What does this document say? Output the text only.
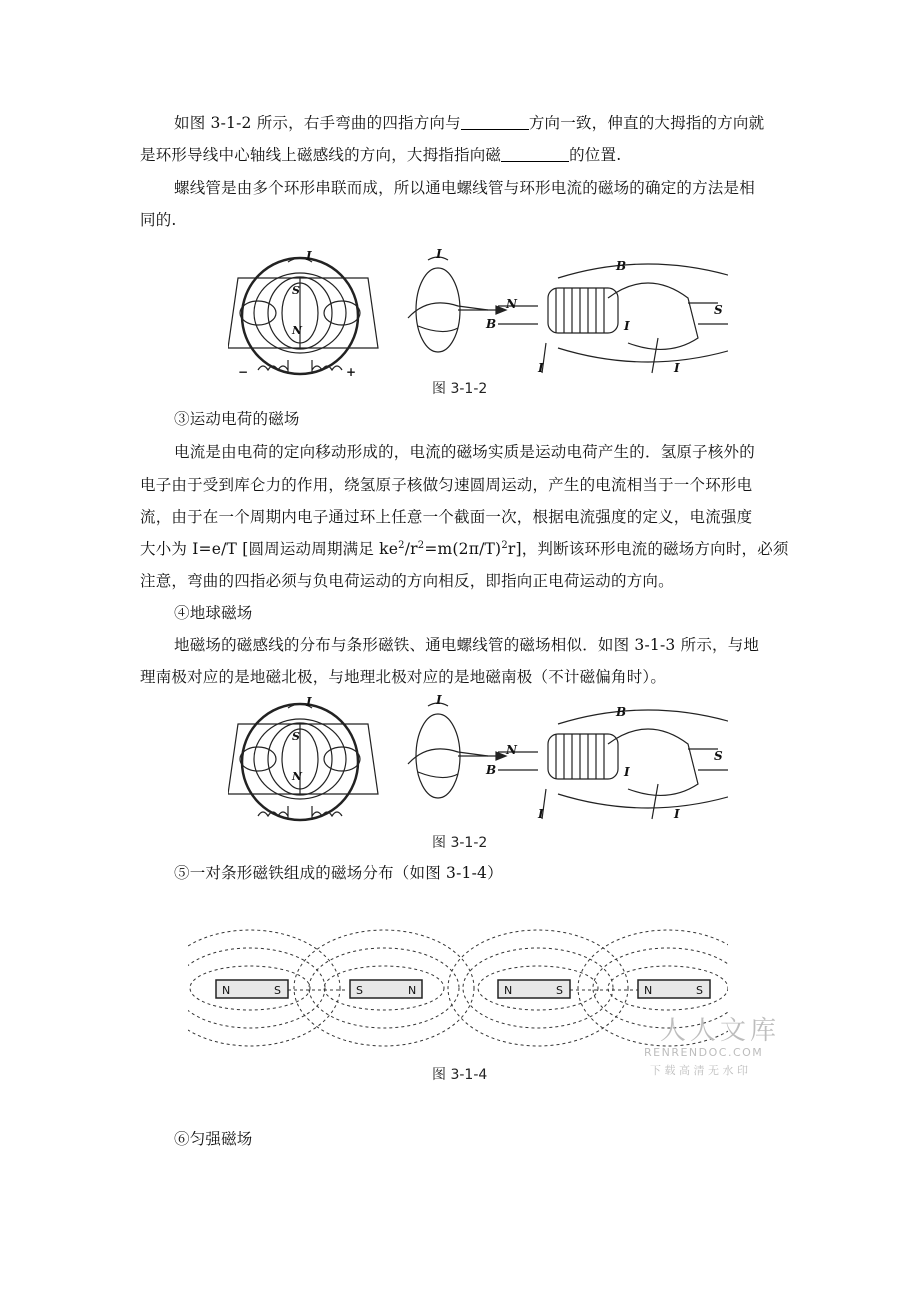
如图 3-1-2 所示，右手弯曲的四指方向与	方向一致，伸直的大拇指的方向就
是环形导线中心轴线上磁感线的方向，大拇指指向磁	的位置.
螺线管是由多个环形串联而成，所以通电螺线管与环形电流的磁场的确定的方法是相
同的.
I
S
N
−	+
I
B
B
N	S
I
I	I
图 3-1-2
③运动电荷的磁场
电流是由电荷的定向移动形成的，电流的磁场实质是运动电荷产生的．氢原子核外的
电子由于受到库仑力的作用，绕氢原子核做匀速圆周运动，产生的电流相当于一个环形电
流，由于在一个周期内电子通过环上任意一个截面一次，根据电流强度的定义，电流强度
大小为 I=e/T [圆周运动周期满足 $ke^2/r^2=m(2\pi/T)^2r$]，判断该环形电流的磁场方向时，必须
注意，弯曲的四指必须与负电荷运动的方向相反，即指向正电荷运动的方向。
④地球磁场
地磁场的磁感线的分布与条形磁铁、通电螺线管的磁场相似．如图 3-1-3 所示，与地
理南极对应的是地磁北极，与地理北极对应的是地磁南极（不计磁偏角时）。
I
S
N
I
B
B
N	S
I
I	I
图 3-1-2
⑤一对条形磁铁组成的磁场分布（如图 3-1-4）
N	S	S	N	N	S	N	S
图 3-1-4
人人文库
RENRENDOC.COM
下 载 高 清 无 水 印
⑥匀强磁场
